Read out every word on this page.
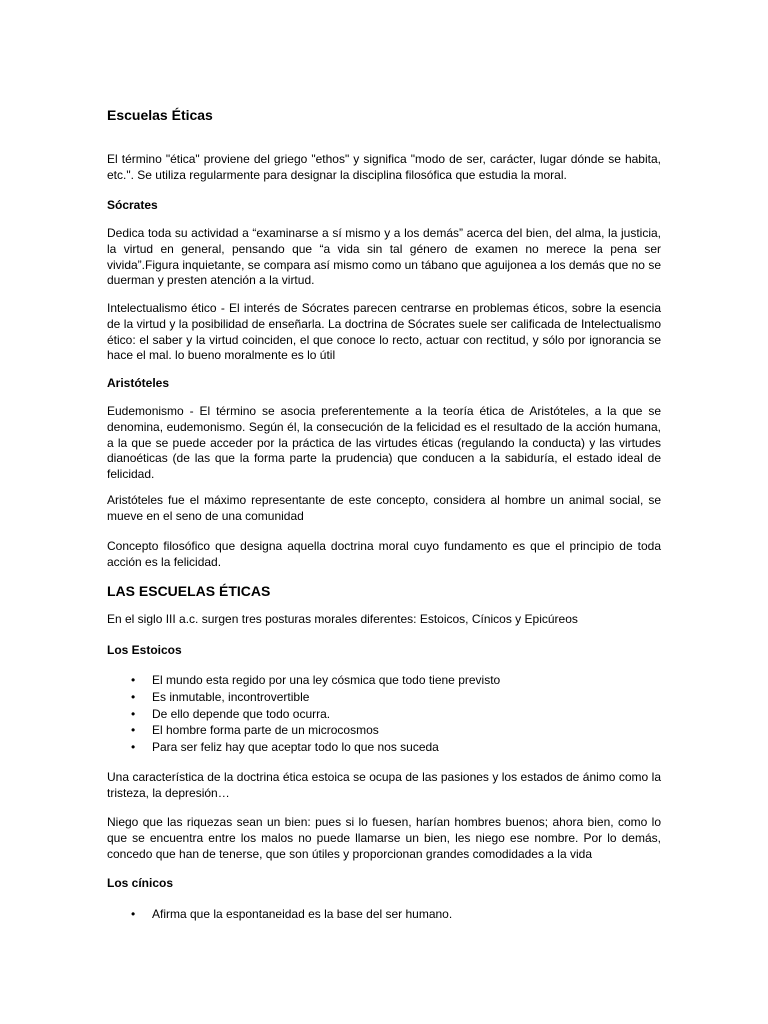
Escuelas Éticas

El término "ética" proviene del griego "ethos" y significa "modo de ser, carácter, lugar dónde se habita, etc.". Se utiliza regularmente para designar la disciplina filosófica que estudia la moral.

Sócrates

Dedica toda su actividad a “examinarse a sí mismo y a los demás” acerca del bien, del alma, la justicia, la virtud en general, pensando que “a vida sin tal género de examen no merece la pena ser vivida”.Figura inquietante, se compara así mismo como un tábano que aguijonea a los demás que no se duerman y presten atención a la virtud.

Intelectualismo ético - El interés de Sócrates parecen centrarse en problemas éticos, sobre la esencia de la virtud y la posibilidad de enseñarla. La doctrina de Sócrates suele ser calificada de Intelectualismo ético: el saber y la virtud coinciden, el que conoce lo recto, actuar con rectitud, y sólo por ignorancia se hace el mal. lo bueno moralmente es lo útil

Aristóteles

Eudemonismo - El término se asocia preferentemente a la teoría ética de Aristóteles, a la que se denomina, eudemonismo. Según él, la consecución de la felicidad es el resultado de la acción humana, a la que se puede acceder por la práctica de las virtudes éticas (regulando la conducta) y las virtudes dianoéticas (de las que la forma parte la prudencia) que conducen a la sabiduría, el estado ideal de felicidad.

Aristóteles fue el máximo representante de este concepto, considera al hombre un animal social, se mueve en el seno de una comunidad

Concepto filosófico que designa aquella doctrina moral cuyo fundamento es que el principio de toda acción es la felicidad.

LAS ESCUELAS ÉTICAS

En el siglo III a.c. surgen tres posturas morales diferentes: Estoicos, Cínicos y Epicúreos

Los Estoicos
• El mundo esta regido por una ley cósmica que todo tiene previsto
• Es inmutable, incontrovertible
• De ello depende que todo ocurra.
• El hombre forma parte de un microcosmos
• Para ser feliz hay que aceptar todo lo que nos suceda

Una característica de la doctrina ética estoica se ocupa de las pasiones y los estados de ánimo como la tristeza, la depresión…

Niego que las riquezas sean un bien: pues si lo fuesen, harían hombres buenos; ahora bien, como lo que se encuentra entre los malos no puede llamarse un bien, les niego ese nombre. Por lo demás, concedo que han de tenerse, que son útiles y proporcionan grandes comodidades a la vida

Los cínicos
• Afirma que la espontaneidad es la base del ser humano.
